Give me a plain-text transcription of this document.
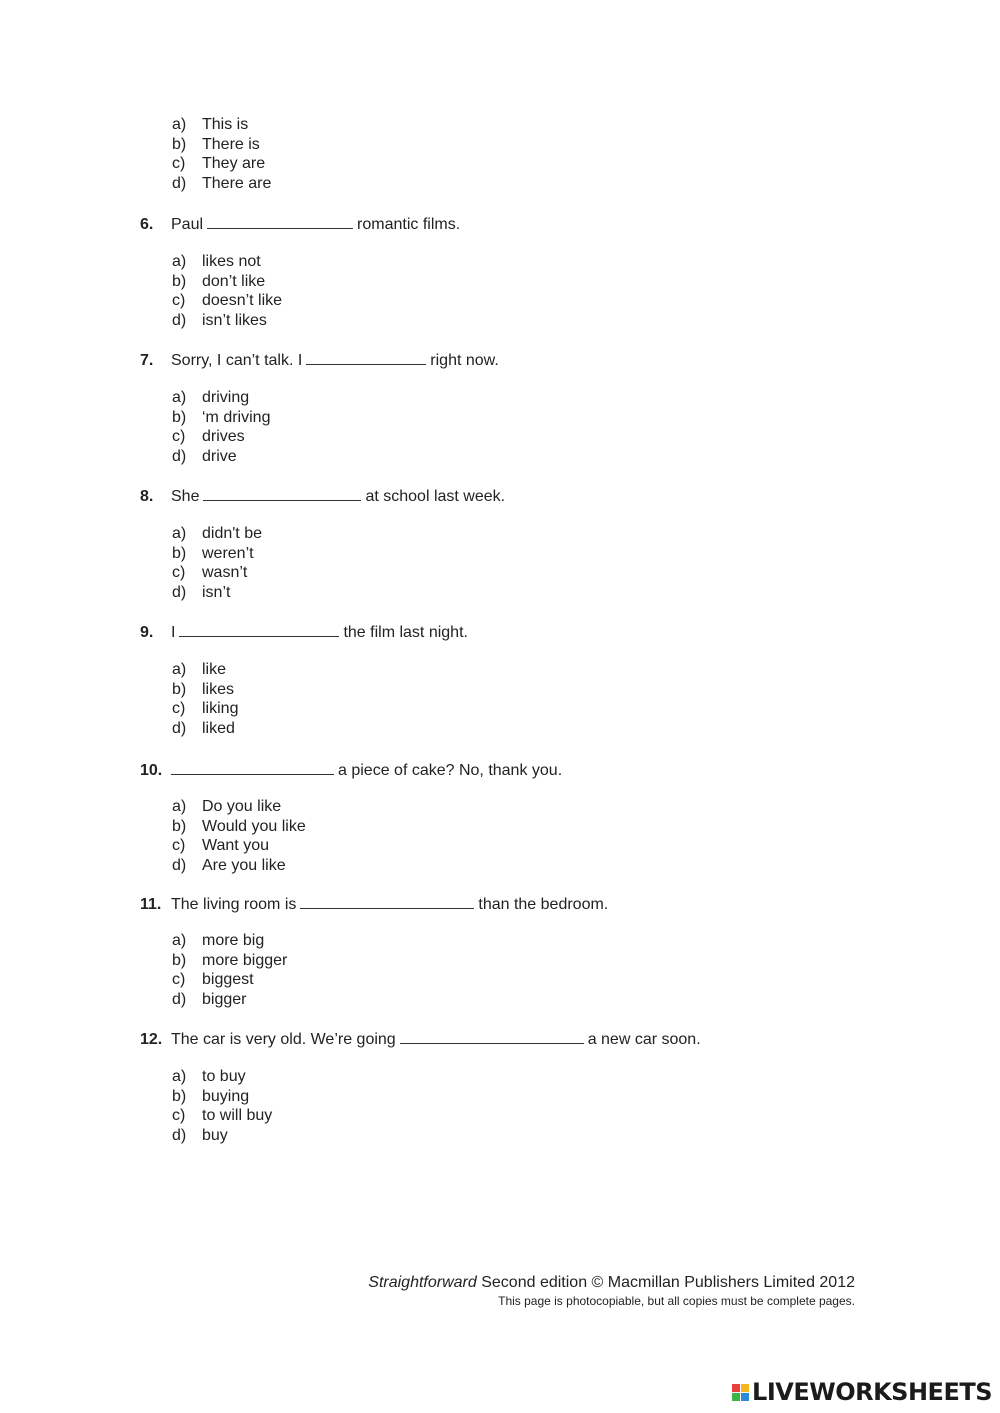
a) This is
b) There is
c) They are
d) There are
6. Paul	romantic films.
a) likes not
b) don’t like
c) doesn’t like
d) isn’t likes
7. Sorry, I can’t talk. I	right now.
a) driving
b) ‘m driving
c) drives
d) drive
8. She	at school last week.
a) didn't be
b) weren’t
c) wasn’t
d) isn’t
9. I	the film last night.
a) like
b) likes
c) liking
d) liked
10.	a piece of cake? No, thank you.
a) Do you like
b) Would you like
c) Want you
d) Are you like
11. The living room is	than the bedroom.
a) more big
b) more bigger
c) biggest
d) bigger
12. The car is very old. We’re going	a new car soon.
a) to buy
b) buying
c) to will buy
d) buy
Straightforward Second edition © Macmillan Publishers Limited 2012
This page is photocopiable, but all copies must be complete pages.
LIVEWORKSHEETS
